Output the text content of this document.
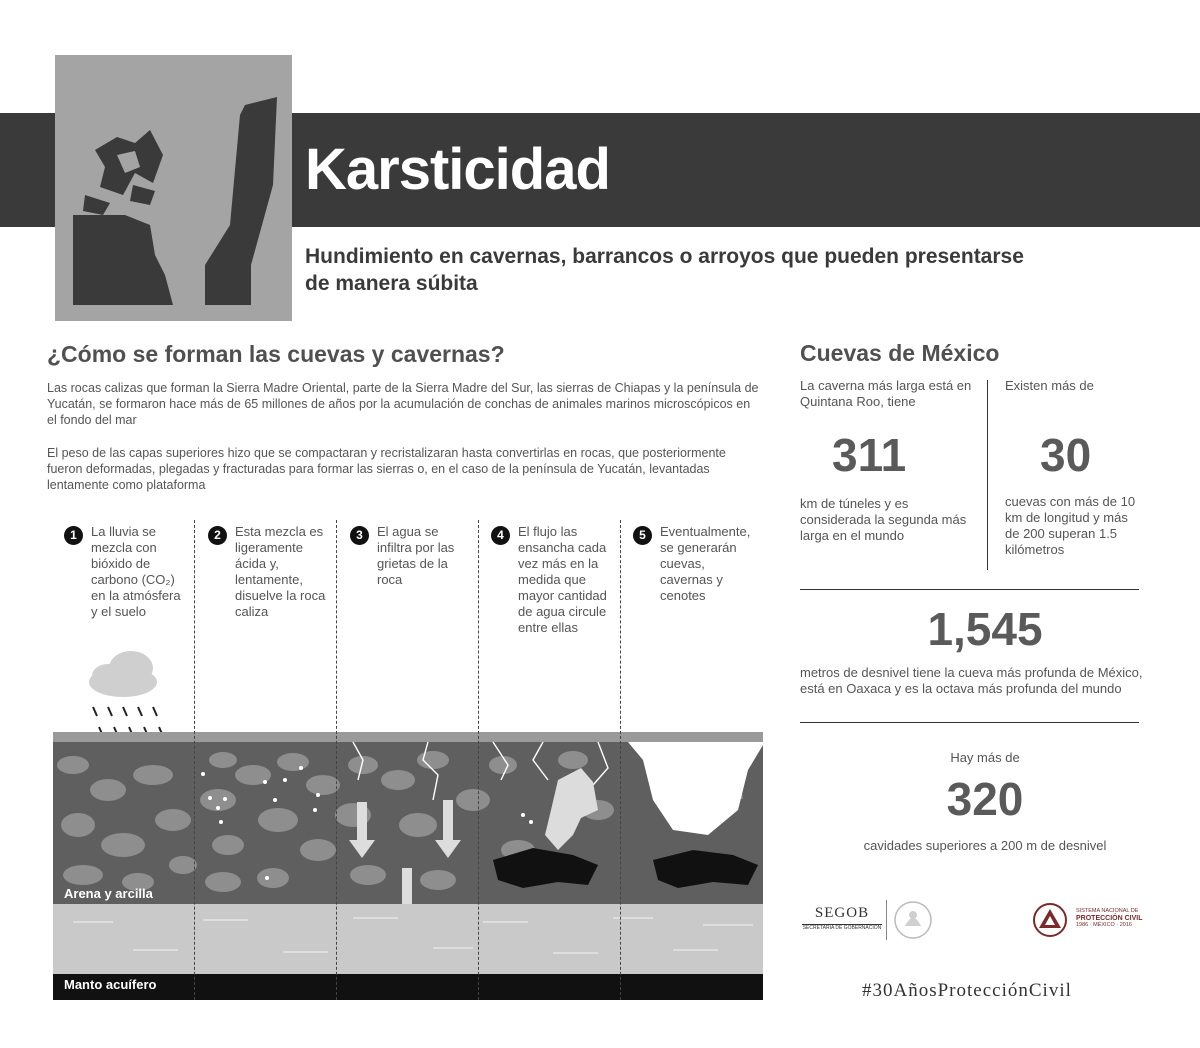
Karsticidad
Hundimiento en cavernas, barrancos o arroyos que pueden presentarse de manera súbita
¿Cómo se forman las cuevas y cavernas?
Las rocas calizas que forman la Sierra Madre Oriental, parte de la Sierra Madre del Sur, las sierras de Chiapas y la península de Yucatán, se formaron hace más de 65 millones de años por la acumulación de conchas de animales marinos microscópicos en el fondo del mar
El peso de las capas superiores hizo que se compactaran y recristalizaran hasta convertirlas en rocas, que posteriormente fueron deformadas, plegadas y fracturadas para formar las sierras o, en el caso de la península de Yucatán, levantadas lentamente como plataforma
1	La lluvia se mezcla con bióxido de carbono (CO₂) en la atmósfera y el suelo
2	Esta mezcla es ligeramente ácida y, lentamente, disuelve la roca caliza
3	El agua se infiltra por las grietas de la roca
4	El flujo las ensancha cada vez más en la medida que mayor cantidad de agua circule entre ellas
5	Eventualmente, se generarán cuevas, cavernas y cenotes
Arena y arcilla
Manto acuífero
Cuevas de México
La caverna más larga está en Quintana Roo, tiene
311
km de túneles y es considerada la segunda más larga en el mundo
Existen más de
30
cuevas con más de 10 km de longitud y más de 200 superan 1.5 kilómetros
1,545
metros de desnivel tiene la cueva más profunda de México, está en Oaxaca y es la octava más profunda del mundo
Hay más de
320
cavidades superiores a 200 m de desnivel
SEGOB
SECRETARÍA DE GOBERNACIÓN
SISTEMA NACIONAL DE
PROTECCIÓN CIVIL
1986 · MÉXICO · 2016
#30AñosProtecciónCivil
